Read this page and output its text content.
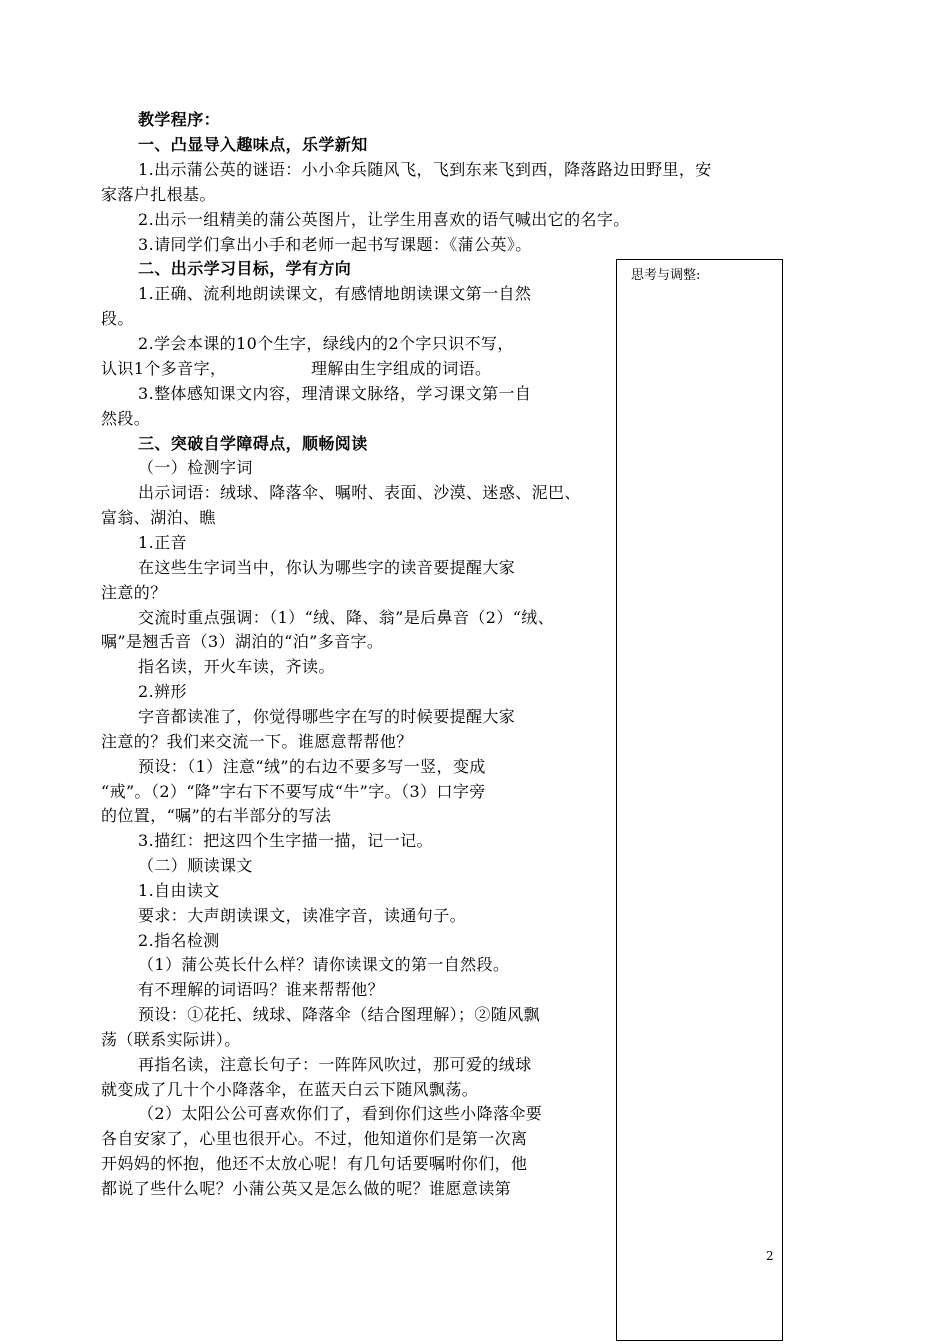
教学程序：
一、凸显导入趣味点，乐学新知
1.出示蒲公英的谜语：小小伞兵随风飞，飞到东来飞到西，降落路边田野里，安
家落户扎根基。
2.出示一组精美的蒲公英图片，让学生用喜欢的语气喊出它的名字。
3.请同学们拿出小手和老师一起书写课题：《蒲公英》。
二、出示学习目标，学有方向
1.正确、流利地朗读课文，有感情地朗读课文第一自然
段。
2.学会本课的10个生字，绿线内的2个字只识不写，
认识1个多音字，	理解由生字组成的词语。
3.整体感知课文内容，理清课文脉络，学习课文第一自
然段。
三、突破自学障碍点，顺畅阅读
（一）检测字词
出示词语：绒球、降落伞、嘱咐、表面、沙漠、迷惑、泥巴、
富翁、湖泊、瞧
1.正音
在这些生字词当中，你认为哪些字的读音要提醒大家
注意的？
交流时重点强调：（1）“绒、降、翁”是后鼻音（2）“绒、
嘱”是翘舌音（3）湖泊的“泊”多音字。
指名读，开火车读，齐读。
2.辨形
字音都读准了，你觉得哪些字在写的时候要提醒大家
注意的？我们来交流一下。谁愿意帮帮他？
预设：（1）注意“绒”的右边不要多写一竖，变成
“戒”。（2）“降”字右下不要写成“牛”字。（3）口字旁
的位置，“嘱”的右半部分的写法
3.描红：把这四个生字描一描，记一记。
（二）顺读课文
1.自由读文
要求：大声朗读课文，读准字音，读通句子。
2.指名检测
（1）蒲公英长什么样？请你读课文的第一自然段。
有不理解的词语吗？谁来帮帮他？
预设：①花托、绒球、降落伞（结合图理解）；②随风飘
荡（联系实际讲）。
再指名读，注意长句子：一阵阵风吹过，那可爱的绒球
就变成了几十个小降落伞，在蓝天白云下随风飘荡。
（2）太阳公公可喜欢你们了，看到你们这些小降落伞要
各自安家了，心里也很开心。不过，他知道你们是第一次离
开妈妈的怀抱，他还不太放心呢！有几句话要嘱咐你们，他
都说了些什么呢？小蒲公英又是怎么做的呢？谁愿意读第
思考与调整:
2
